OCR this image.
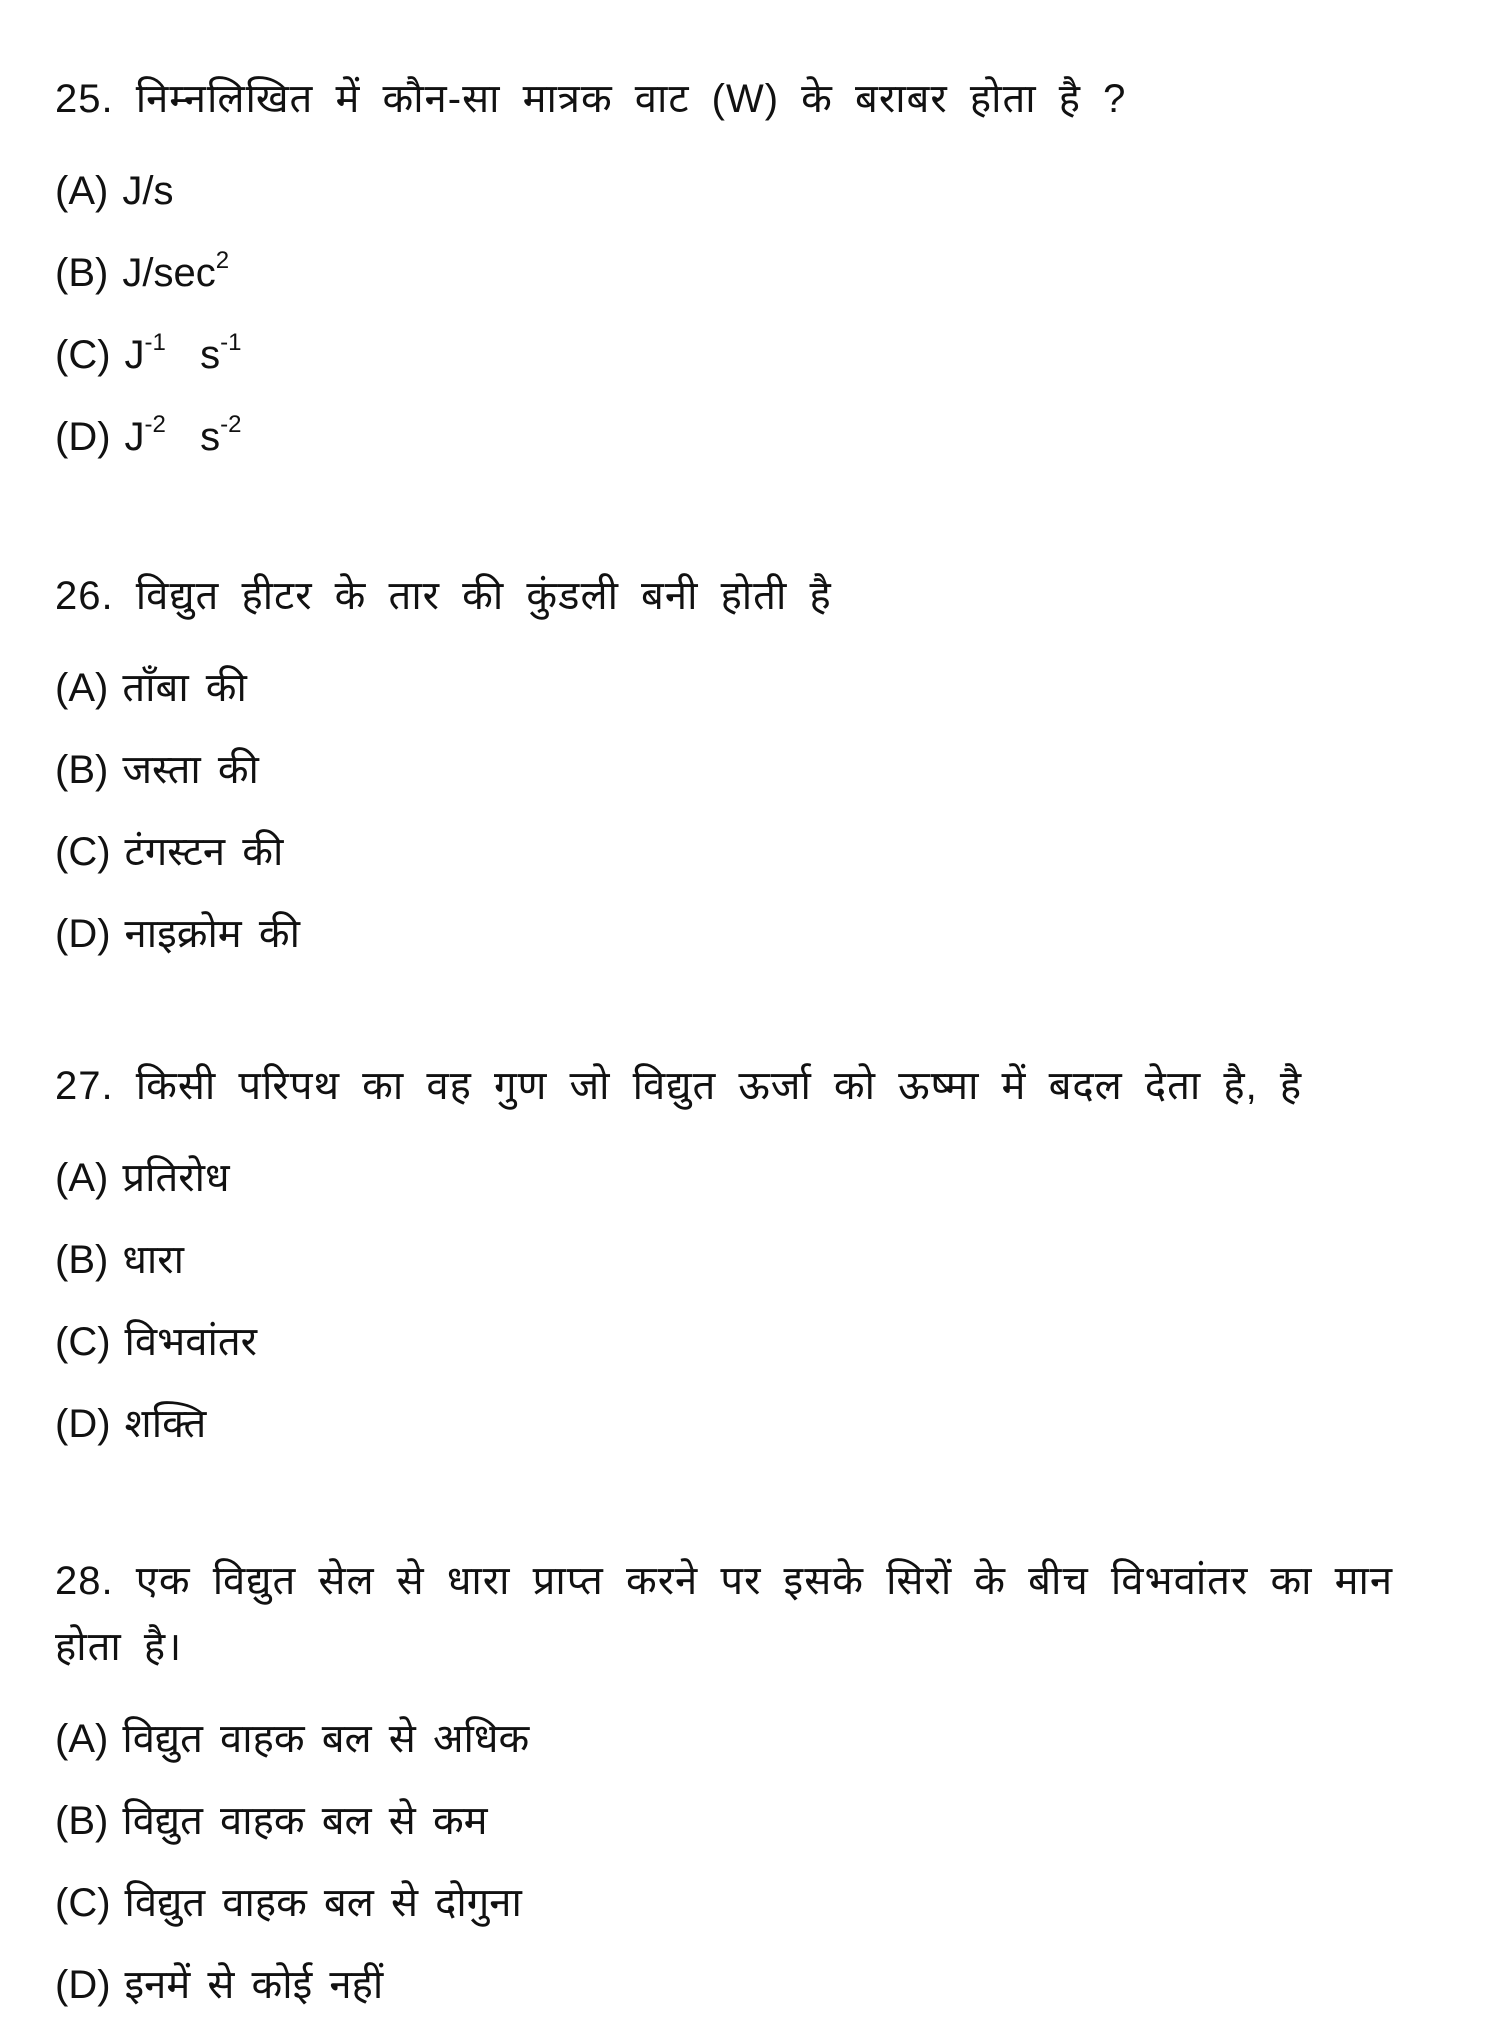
25. निम्नलिखित में कौन-सा मात्रक वाट (W) के बराबर होता है ?

(A) J/s

(B) $J/\sec^2$

(C) $J^{-1}$ $s^{-1}$

(D) $J^{-2}$ $s^{-2}$

26. विद्युत हीटर के तार की कुंडली बनी होती है

(A) ताँबा की

(B) जस्ता की

(C) टंगस्टन की

(D) नाइक्रोम की

27. किसी परिपथ का वह गुण जो विद्युत ऊर्जा को ऊष्मा में बदल देता है, है

(A) प्रतिरोध

(B) धारा

(C) विभवांतर

(D) शक्ति

28. एक विद्युत सेल से धारा प्राप्त करने पर इसके सिरों के बीच विभवांतर का मान होता है।

(A) विद्युत वाहक बल से अधिक

(B) विद्युत वाहक बल से कम

(C) विद्युत वाहक बल से दोगुना

(D) इनमें से कोई नहीं
